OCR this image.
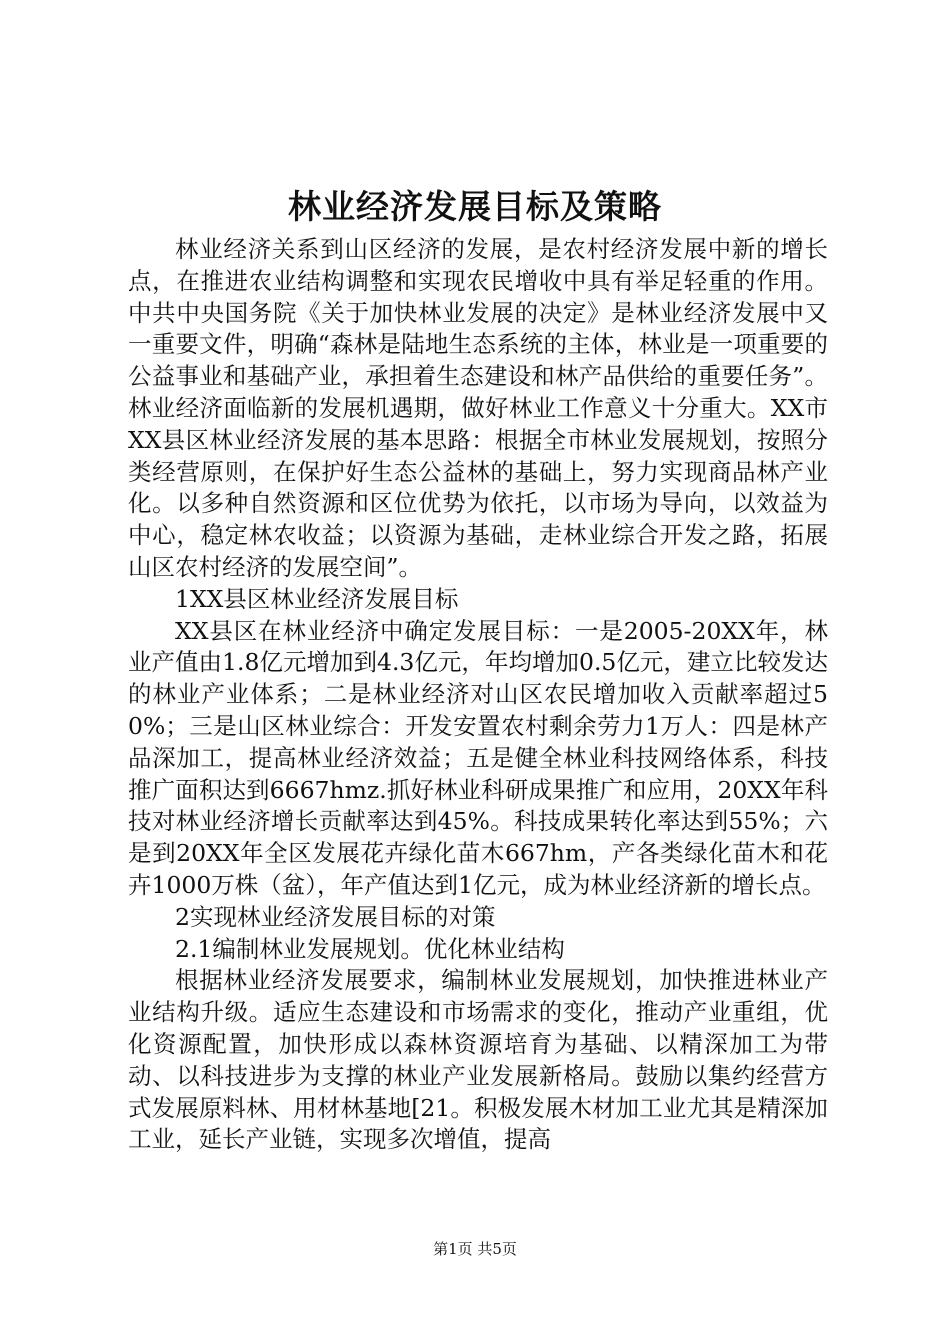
林业经济发展目标及策略

林业经济关系到山区经济的发展，是农村经济发展中新的增长点，在推进农业结构调整和实现农民增收中具有举足轻重的作用。中共中央国务院《关于加快林业发展的决定》是林业经济发展中又一重要文件，明确“森林是陆地生态系统的主体，林业是一项重要的公益事业和基础产业，承担着生态建设和林产品供给的重要任务”。林业经济面临新的发展机遇期，做好林业工作意义十分重大。XX市XX县区林业经济发展的基本思路：根据全市林业发展规划，按照分类经营原则，在保护好生态公益林的基础上，努力实现商品林产业化。以多种自然资源和区位优势为依托，以市场为导向，以效益为中心，稳定林农收益；以资源为基础，走林业综合开发之路，拓展山区农村经济的发展空间”。

1XX县区林业经济发展目标

XX县区在林业经济中确定发展目标：一是2005-20XX年，林业产值由1.8亿元增加到4.3亿元，年均增加0.5亿元，建立比较发达的林业产业体系；二是林业经济对山区农民增加收入贡献率超过50%；三是山区林业综合：开发安置农村剩余劳力1万人：四是林产品深加工，提高林业经济效益；五是健全林业科技网络体系，科技推广面积达到6667hmz.抓好林业科研成果推广和应用，20XX年科技对林业经济增长贡献率达到45%。科技成果转化率达到55%；六是到20XX年全区发展花卉绿化苗木667hm，产各类绿化苗木和花卉1000万株（盆），年产值达到1亿元，成为林业经济新的增长点。

2实现林业经济发展目标的对策

2.1编制林业发展规划。优化林业结构

根据林业经济发展要求，编制林业发展规划，加快推进林业产业结构升级。适应生态建设和市场需求的变化，推动产业重组，优化资源配置，加快形成以森林资源培育为基础、以精深加工为带动、以科技进步为支撑的林业产业发展新格局。鼓励以集约经营方式发展原料林、用材林基地[21。积极发展木材加工业尤其是精深加工业，延长产业链，实现多次增值，提高

第1页 共5页
